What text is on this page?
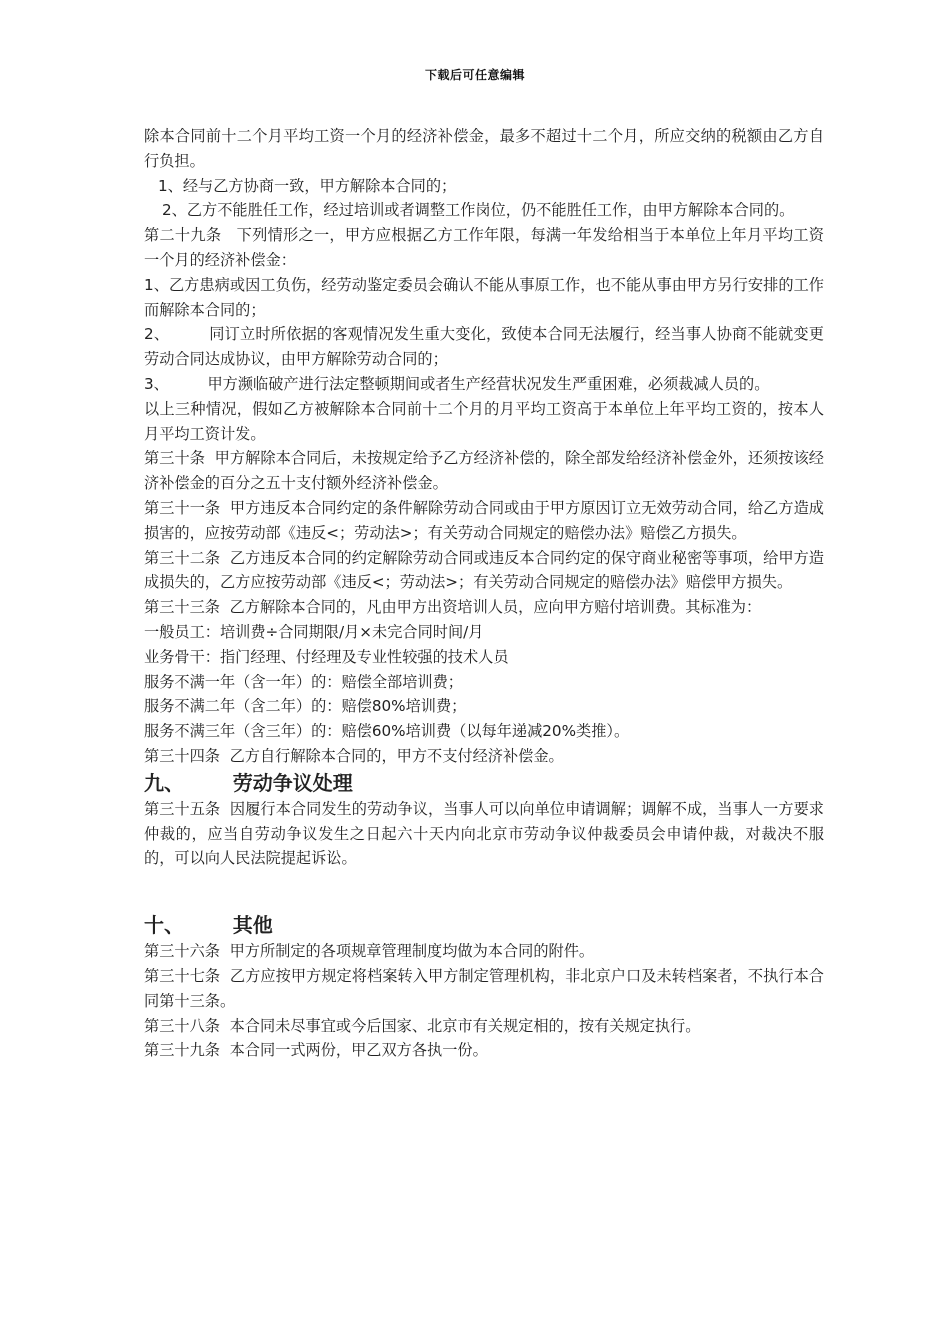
下载后可任意编辑

除本合同前十二个月平均工资一个月的经济补偿金，最多不超过十二个月，所应交纳的税额由乙方自行负担。

1、经与乙方协商一致，甲方解除本合同的；

2、乙方不能胜任工作，经过培训或者调整工作岗位，仍不能胜任工作，由甲方解除本合同的。

第二十九条   下列情形之一，甲方应根据乙方工作年限，每满一年发给相当于本单位上年月平均工资一个月的经济补偿金：

1、乙方患病或因工负伤，经劳动鉴定委员会确认不能从事原工作，也不能从事由甲方另行安排的工作而解除本合同的；

2、        同订立时所依据的客观情况发生重大变化，致使本合同无法履行，经当事人协商不能就变更劳动合同达成协议，由甲方解除劳动合同的；

3、        甲方濒临破产进行法定整顿期间或者生产经营状况发生严重困难，必须裁减人员的。

以上三种情况，假如乙方被解除本合同前十二个月的月平均工资高于本单位上年平均工资的，按本人月平均工资计发。

第三十条  甲方解除本合同后，未按规定给予乙方经济补偿的，除全部发给经济补偿金外，还须按该经济补偿金的百分之五十支付额外经济补偿金。

第三十一条  甲方违反本合同约定的条件解除劳动合同或由于甲方原因订立无效劳动合同，给乙方造成损害的，应按劳动部《违反<；劳动法>；有关劳动合同规定的赔偿办法》赔偿乙方损失。

第三十二条  乙方违反本合同的约定解除劳动合同或违反本合同约定的保守商业秘密等事项，给甲方造成损失的，乙方应按劳动部《违反<；劳动法>；有关劳动合同规定的赔偿办法》赔偿甲方损失。

第三十三条  乙方解除本合同的，凡由甲方出资培训人员，应向甲方赔付培训费。其标准为：

一般员工：培训费÷合同期限/月×未完合同时间/月

业务骨干：指门经理、付经理及专业性较强的技术人员

服务不满一年（含一年）的：赔偿全部培训费；

服务不满二年（含二年）的：赔偿80%培训费；

服务不满三年（含三年）的：赔偿60%培训费（以每年递减20%类推）。

第三十四条  乙方自行解除本合同的，甲方不支付经济补偿金。

九、       劳动争议处理

第三十五条  因履行本合同发生的劳动争议，当事人可以向单位申请调解；调解不成，当事人一方要求仲裁的，应当自劳动争议发生之日起六十天内向北京市劳动争议仲裁委员会申请仲裁，对裁决不服的，可以向人民法院提起诉讼。

十、       其他

第三十六条  甲方所制定的各项规章管理制度均做为本合同的附件。

第三十七条  乙方应按甲方规定将档案转入甲方制定管理机构，非北京户口及未转档案者，不执行本合同第十三条。

第三十八条  本合同未尽事宜或今后国家、北京市有关规定相的，按有关规定执行。

第三十九条  本合同一式两份，甲乙双方各执一份。
